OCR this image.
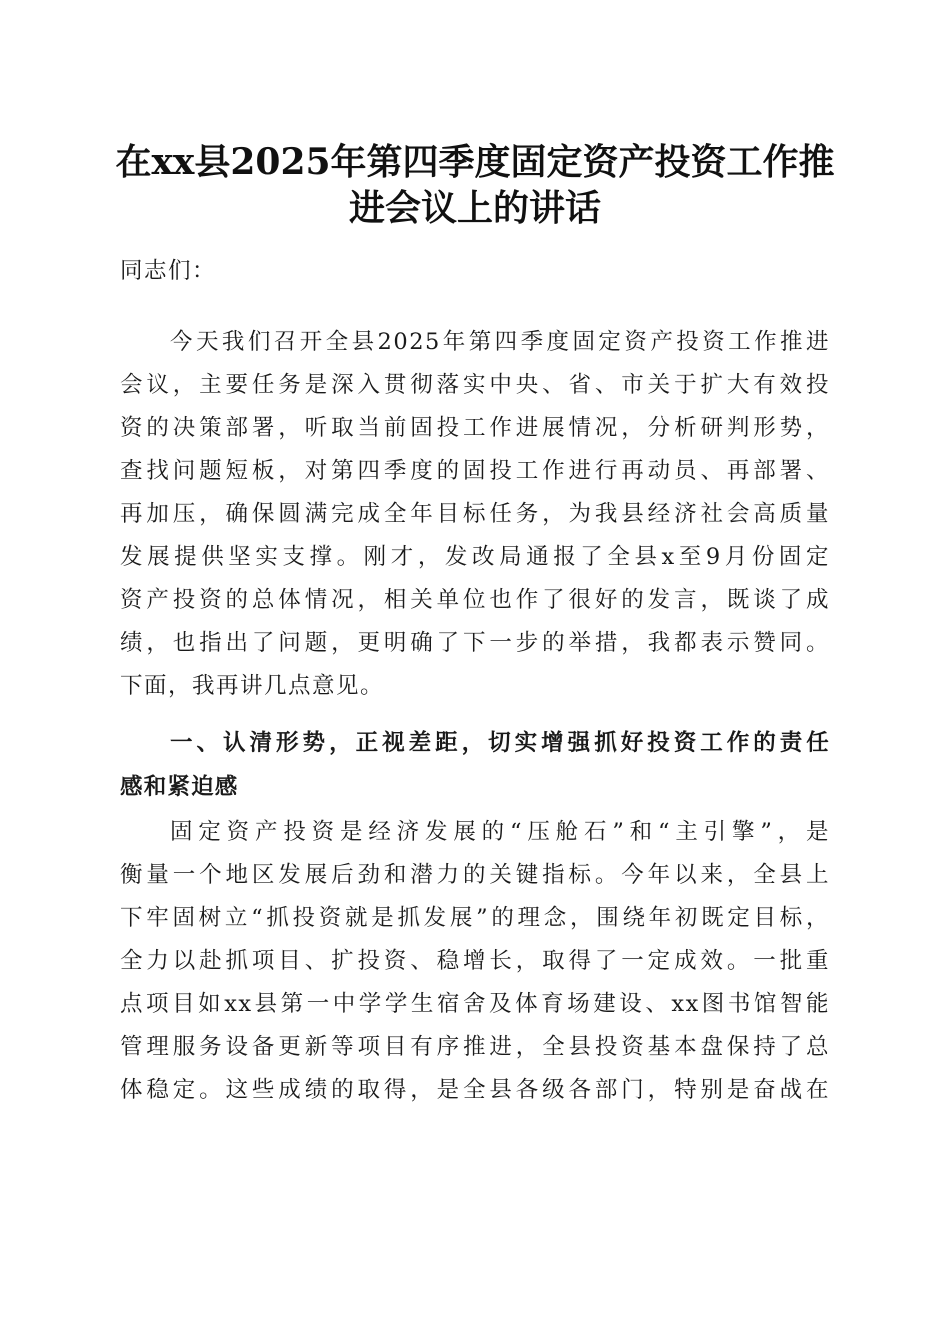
在xx县2025年第四季度固定资产投资工作推
进会议上的讲话
同志们：
今天我们召开全县2025年第四季度固定资产投资工作推进
会议，主要任务是深入贯彻落实中央、省、市关于扩大有效投
资的决策部署，听取当前固投工作进展情况，分析研判形势，
查找问题短板，对第四季度的固投工作进行再动员、再部署、
再加压，确保圆满完成全年目标任务，为我县经济社会高质量
发展提供坚实支撑。刚才，发改局通报了全县x至9月份固定
资产投资的总体情况，相关单位也作了很好的发言，既谈了成
绩，也指出了问题，更明确了下一步的举措，我都表示赞同。
下面，我再讲几点意见。
一、认清形势，正视差距，切实增强抓好投资工作的责任
感和紧迫感
固定资产投资是经济发展的“压舱石”和“主引擎”，是
衡量一个地区发展后劲和潜力的关键指标。今年以来，全县上
下牢固树立“抓投资就是抓发展”的理念，围绕年初既定目标，
全力以赴抓项目、扩投资、稳增长，取得了一定成效。一批重
点项目如xx县第一中学学生宿舍及体育场建设、xx图书馆智能
管理服务设备更新等项目有序推进，全县投资基本盘保持了总
体稳定。这些成绩的取得，是全县各级各部门，特别是奋战在
